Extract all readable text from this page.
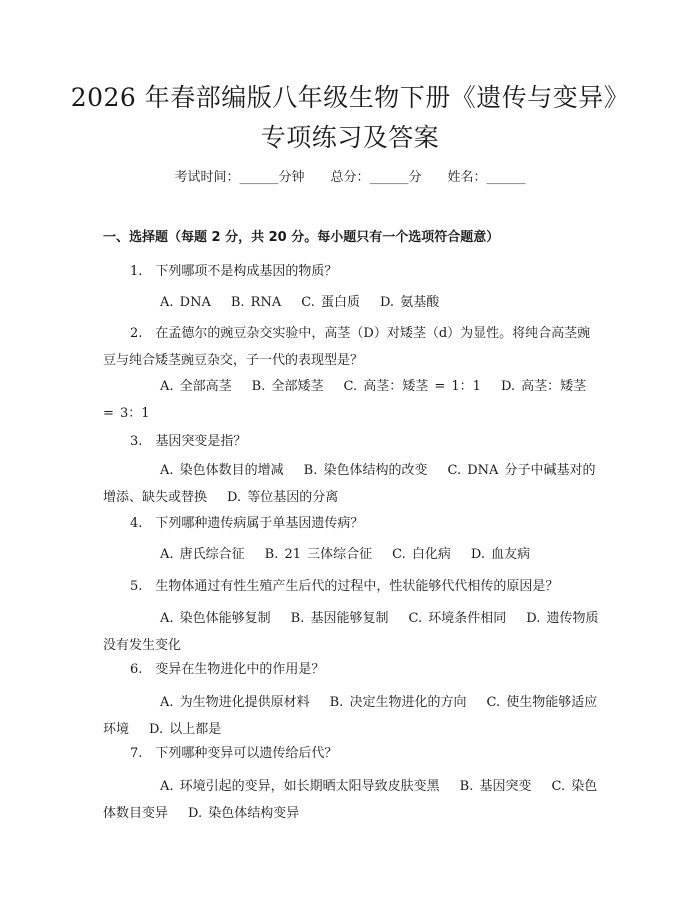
2026 年春部编版八年级生物下册《遗传与变异》专项练习及答案
考试时间：______分钟 总分：______分 姓名：______
一、选择题（每题 2 分，共 20 分。每小题只有一个选项符合题意）
1.　下列哪项不是构成基因的物质？
A. DNA B. RNA C. 蛋白质 D. 氨基酸
2.　在孟德尔的豌豆杂交实验中，高茎（D）对矮茎（d）为显性。将纯合高茎豌豆与纯合矮茎豌豆杂交，子一代的表现型是？
A. 全部高茎 B. 全部矮茎 C. 高茎：矮茎 = 1：1 D. 高茎：矮茎 = 3：1
3.　基因突变是指？
A. 染色体数目的增减 B. 染色体结构的改变 C. DNA 分子中碱基对的增添、缺失或替换 D. 等位基因的分离
4.　下列哪种遗传病属于单基因遗传病？
A. 唐氏综合征 B. 21 三体综合征 C. 白化病 D. 血友病
5.　生物体通过有性生殖产生后代的过程中，性状能够代代相传的原因是？
A. 染色体能够复制 B. 基因能够复制 C. 环境条件相同 D. 遗传物质没有发生变化
6.　变异在生物进化中的作用是？
A. 为生物进化提供原材料 B. 决定生物进化的方向 C. 使生物能够适应环境 D. 以上都是
7.　下列哪种变异可以遗传给后代？
A. 环境引起的变异，如长期晒太阳导致皮肤变黑 B. 基因突变 C. 染色体数目变异 D. 染色体结构变异
